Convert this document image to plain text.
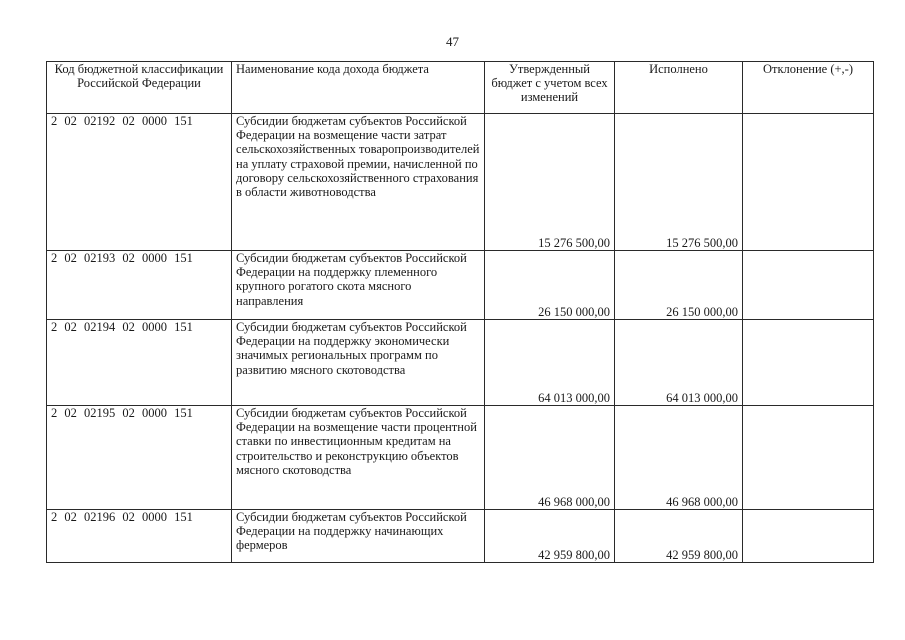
47
Код бюджетной классификации Российской Федерации	Наименование кода дохода бюджета	Утвержденный бюджет с учетом всех изменений	Исполнено	Отклонение (+,-)
2 02 02192 02 0000 151	Субсидии бюджетам субъектов Российской Федерации на возмещение части затрат сельскохозяйственных товаропроизводителей на уплату страховой премии, начисленной по договору сельскохозяйственного страхования в области животноводства	15 276 500,00	15 276 500,00	
2 02 02193 02 0000 151	Субсидии бюджетам субъектов Российской Федерации на поддержку племенного крупного рогатого скота мясного направления	26 150 000,00	26 150 000,00	
2 02 02194 02 0000 151	Субсидии бюджетам субъектов Российской Федерации на поддержку экономически значимых региональных программ по развитию мясного скотоводства	64 013 000,00	64 013 000,00	
2 02 02195 02 0000 151	Субсидии бюджетам субъектов Российской Федерации на возмещение части процентной ставки по инвестиционным кредитам на строительство и реконструкцию объектов мясного скотоводства	46 968 000,00	46 968 000,00	
2 02 02196 02 0000 151	Субсидии бюджетам субъектов Российской Федерации на поддержку начинающих фермеров	42 959 800,00	42 959 800,00	
